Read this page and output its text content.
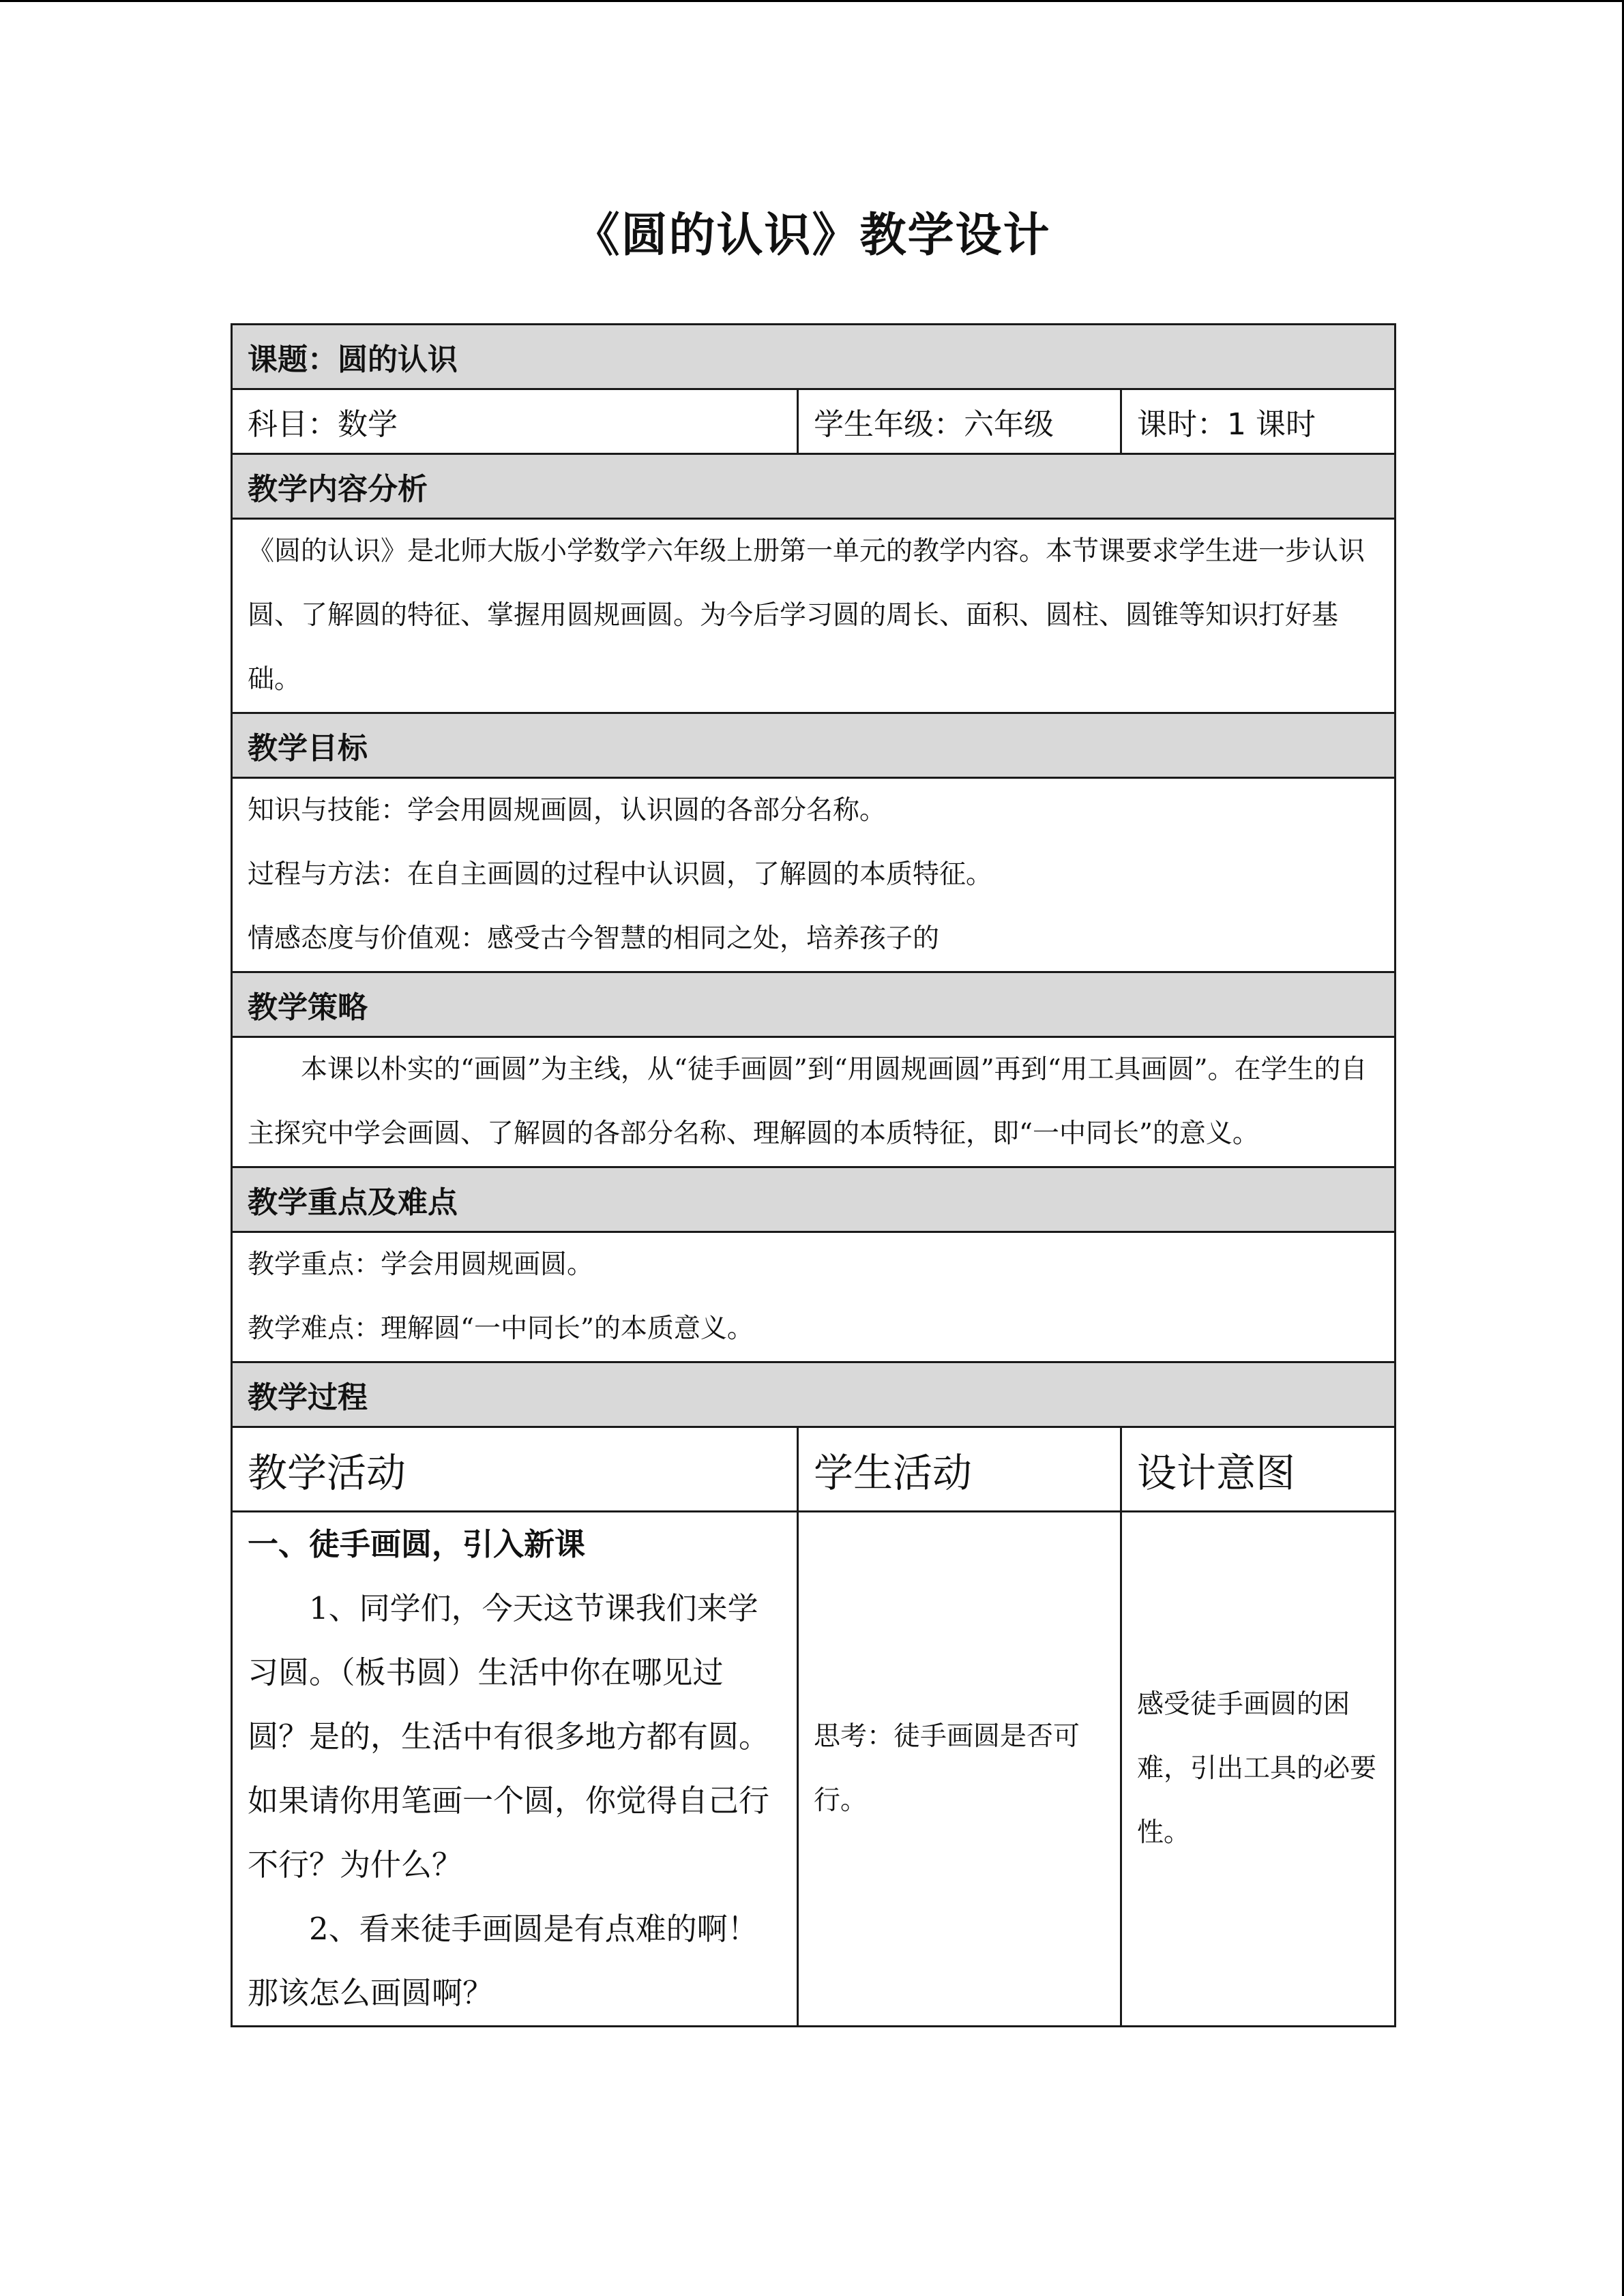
《圆的认识》教学设计
课题：圆的认识		
科目：数学	学生年级：六年级	课时：1 课时
教学内容分析		
《圆的认识》是北师大版小学数学六年级上册第一单元的教学内容。本节课要求学生进一步认识圆、了解圆的特征、掌握用圆规画圆。为今后学习圆的周长、面积、圆柱、圆锥等知识打好基础。		
教学目标		

知识与技能：学会用圆规画圆，认识圆的各部分名称。

过程与方法：在自主画圆的过程中认识圆，了解圆的本质特征。

情感态度与价值观：感受古今智慧的相同之处，培养孩子的		

教学策略		

本课以朴实的“画圆”为主线，从“徒手画圆”到“用圆规画圆”再到“用工具画圆”。在学生的自主探究中学会画圆、了解圆的各部分名称、理解圆的本质特征，即“一中同长”的意义。		

教学重点及难点		

教学重点：学会用圆规画圆。

教学难点：理解圆“一中同长”的本质意义。		

教学过程		
教学活动	学生活动	设计意图

一、徒手画圆，引入新课

1、同学们，今天这节课我们来学习圆。（板书圆）生活中你在哪见过圆？是的，生活中有很多地方都有圆。如果请你用笔画一个圆，你觉得自己行不行？为什么？

2、看来徒手画圆是有点难的啊！那该怎么画圆啊？	思考：徒手画圆是否可行。	感受徒手画圆的困难，引出工具的必要性。
